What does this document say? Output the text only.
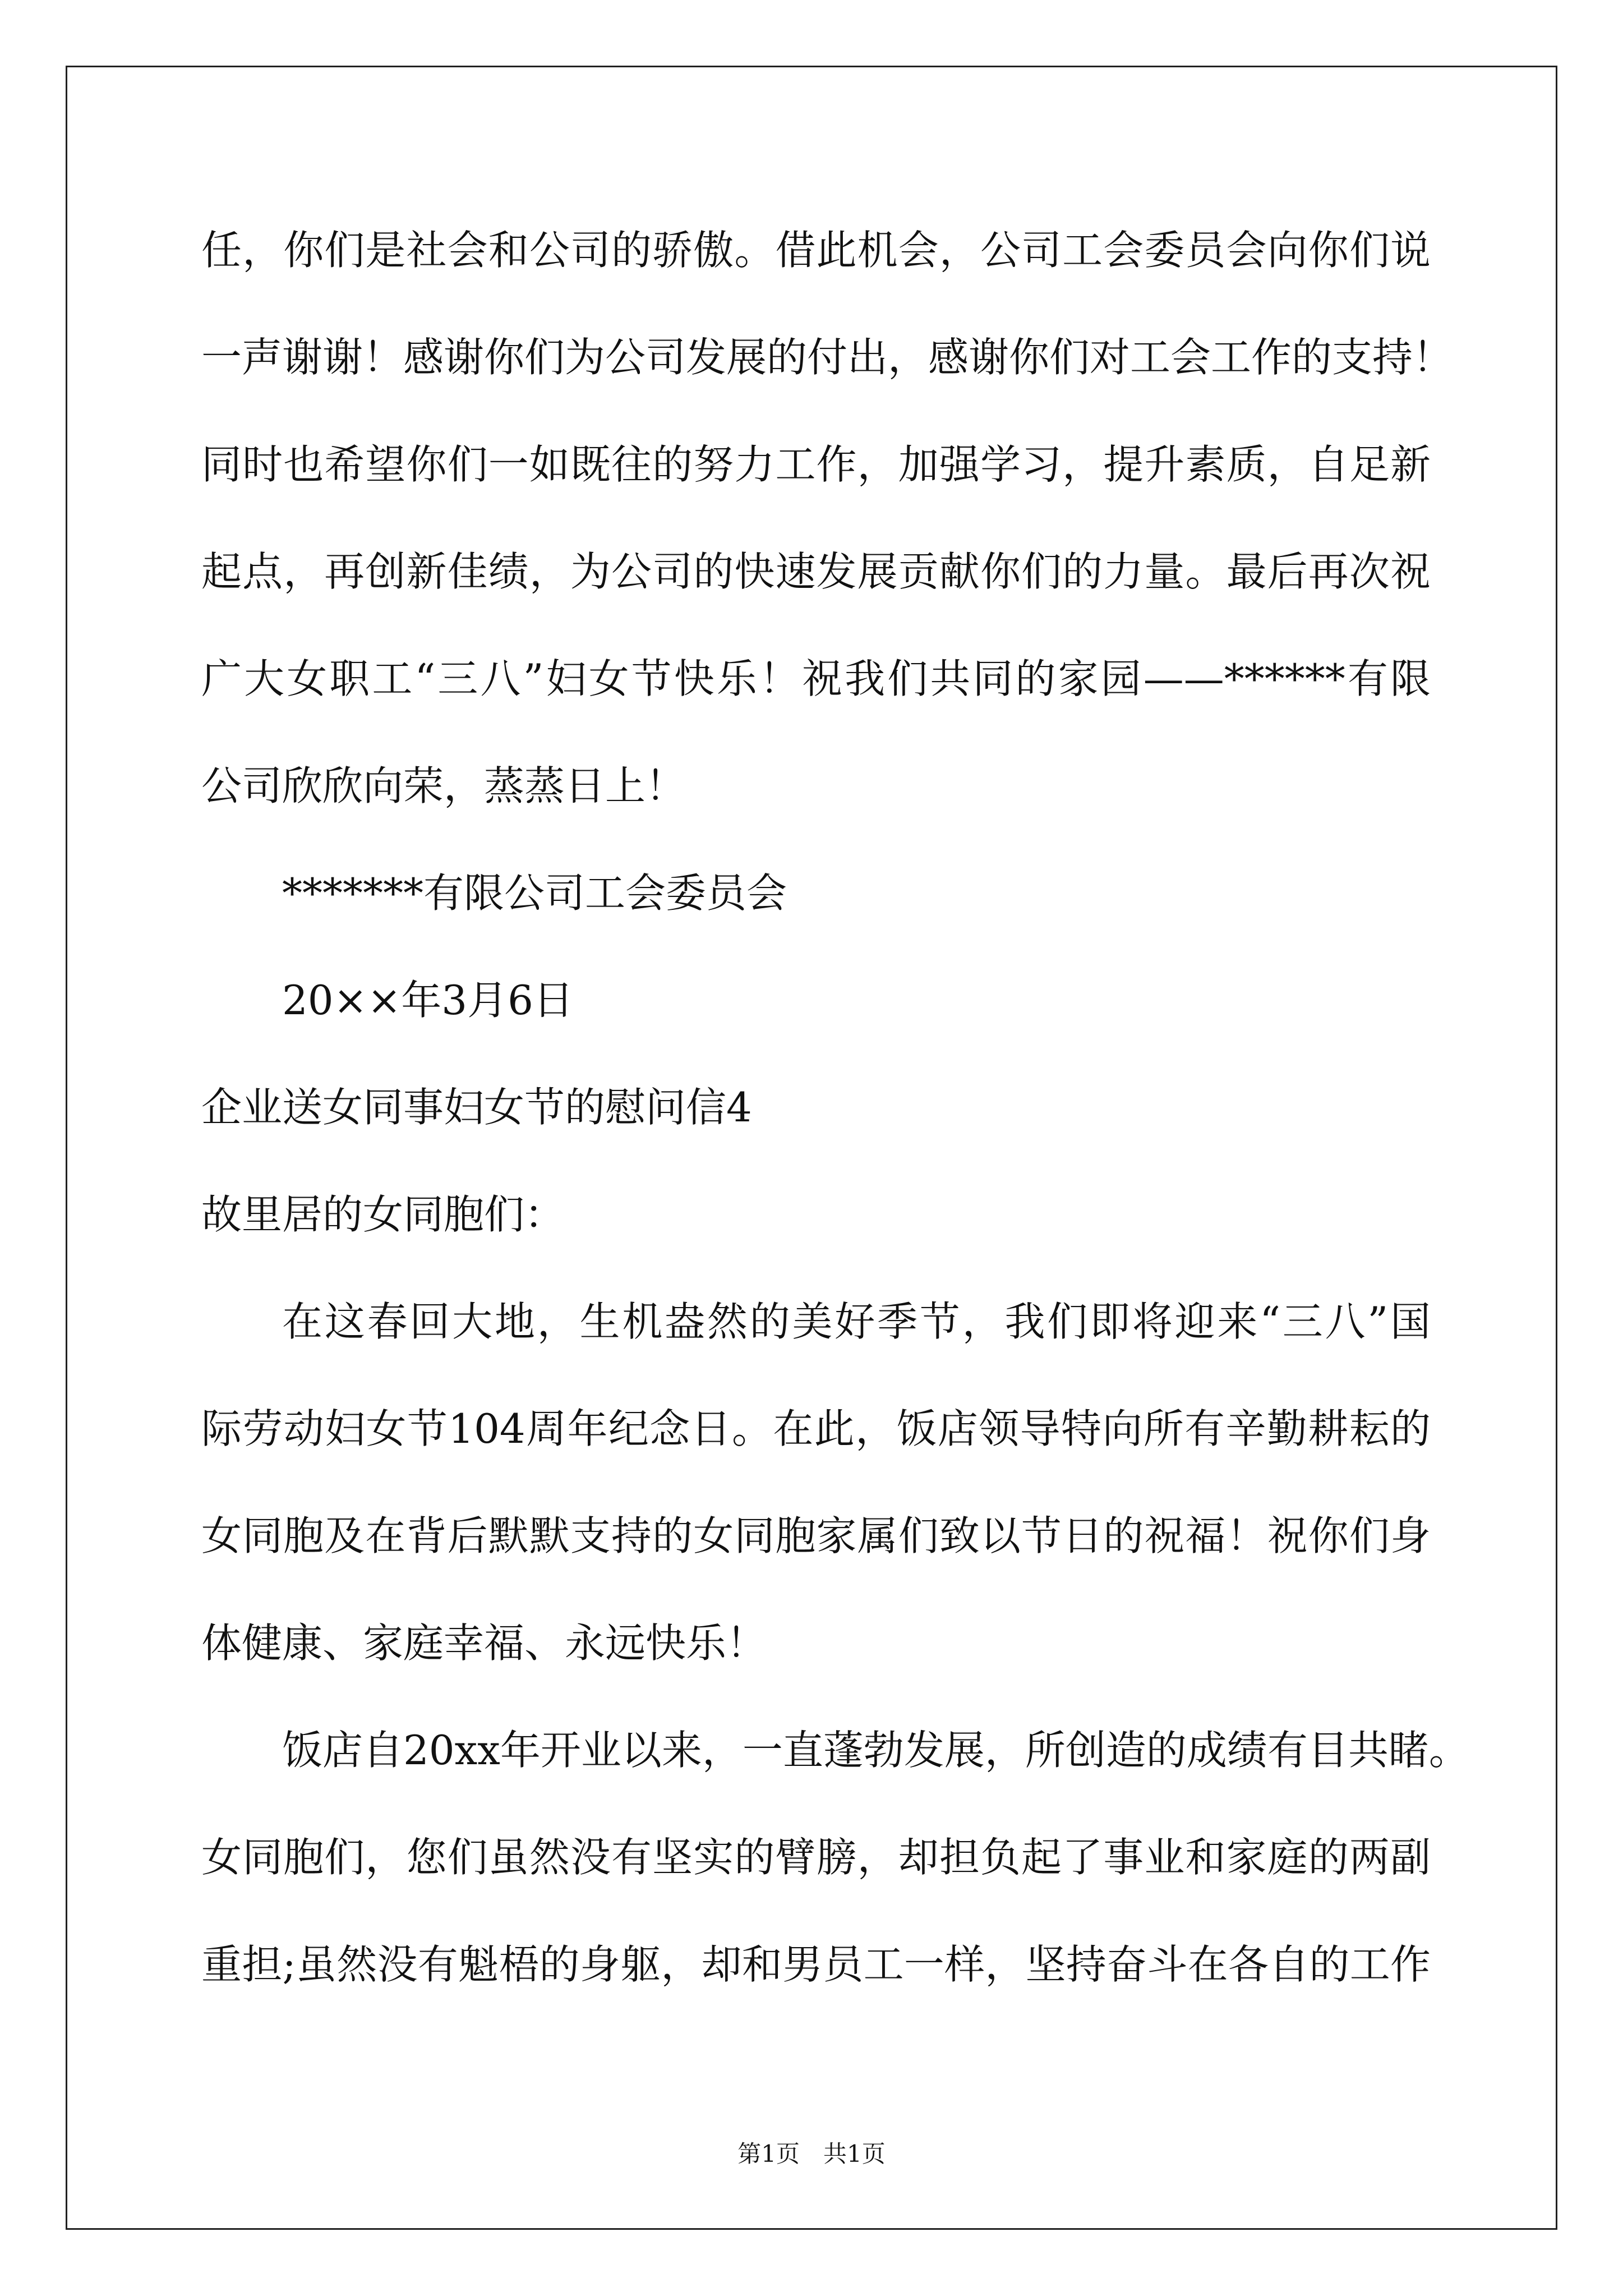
任，你们是社会和公司的骄傲。借此机会，公司工会委员会向你们说
一声谢谢！感谢你们为公司发展的付出，感谢你们对工会工作的支持！
同时也希望你们一如既往的努力工作，加强学习，提升素质，自足新
起点，再创新佳绩，为公司的快速发展贡献你们的力量。最后再次祝
广大女职工“三八”妇女节快乐！祝我们共同的家园——******有限
公司欣欣向荣，蒸蒸日上！
*******有限公司工会委员会
20××年3月6日
企业送女同事妇女节的慰问信4
故里居的女同胞们：
在这春回大地，生机盎然的美好季节，我们即将迎来“三八”国
际劳动妇女节104周年纪念日。在此，饭店领导特向所有辛勤耕耘的
女同胞及在背后默默支持的女同胞家属们致以节日的祝福！祝你们身
体健康、家庭幸福、永远快乐！
饭店自20xx年开业以来，一直蓬勃发展，所创造的成绩有目共睹。
女同胞们，您们虽然没有坚实的臂膀，却担负起了事业和家庭的两副
重担;虽然没有魁梧的身躯，却和男员工一样，坚持奋斗在各自的工作
第1页　共1页
